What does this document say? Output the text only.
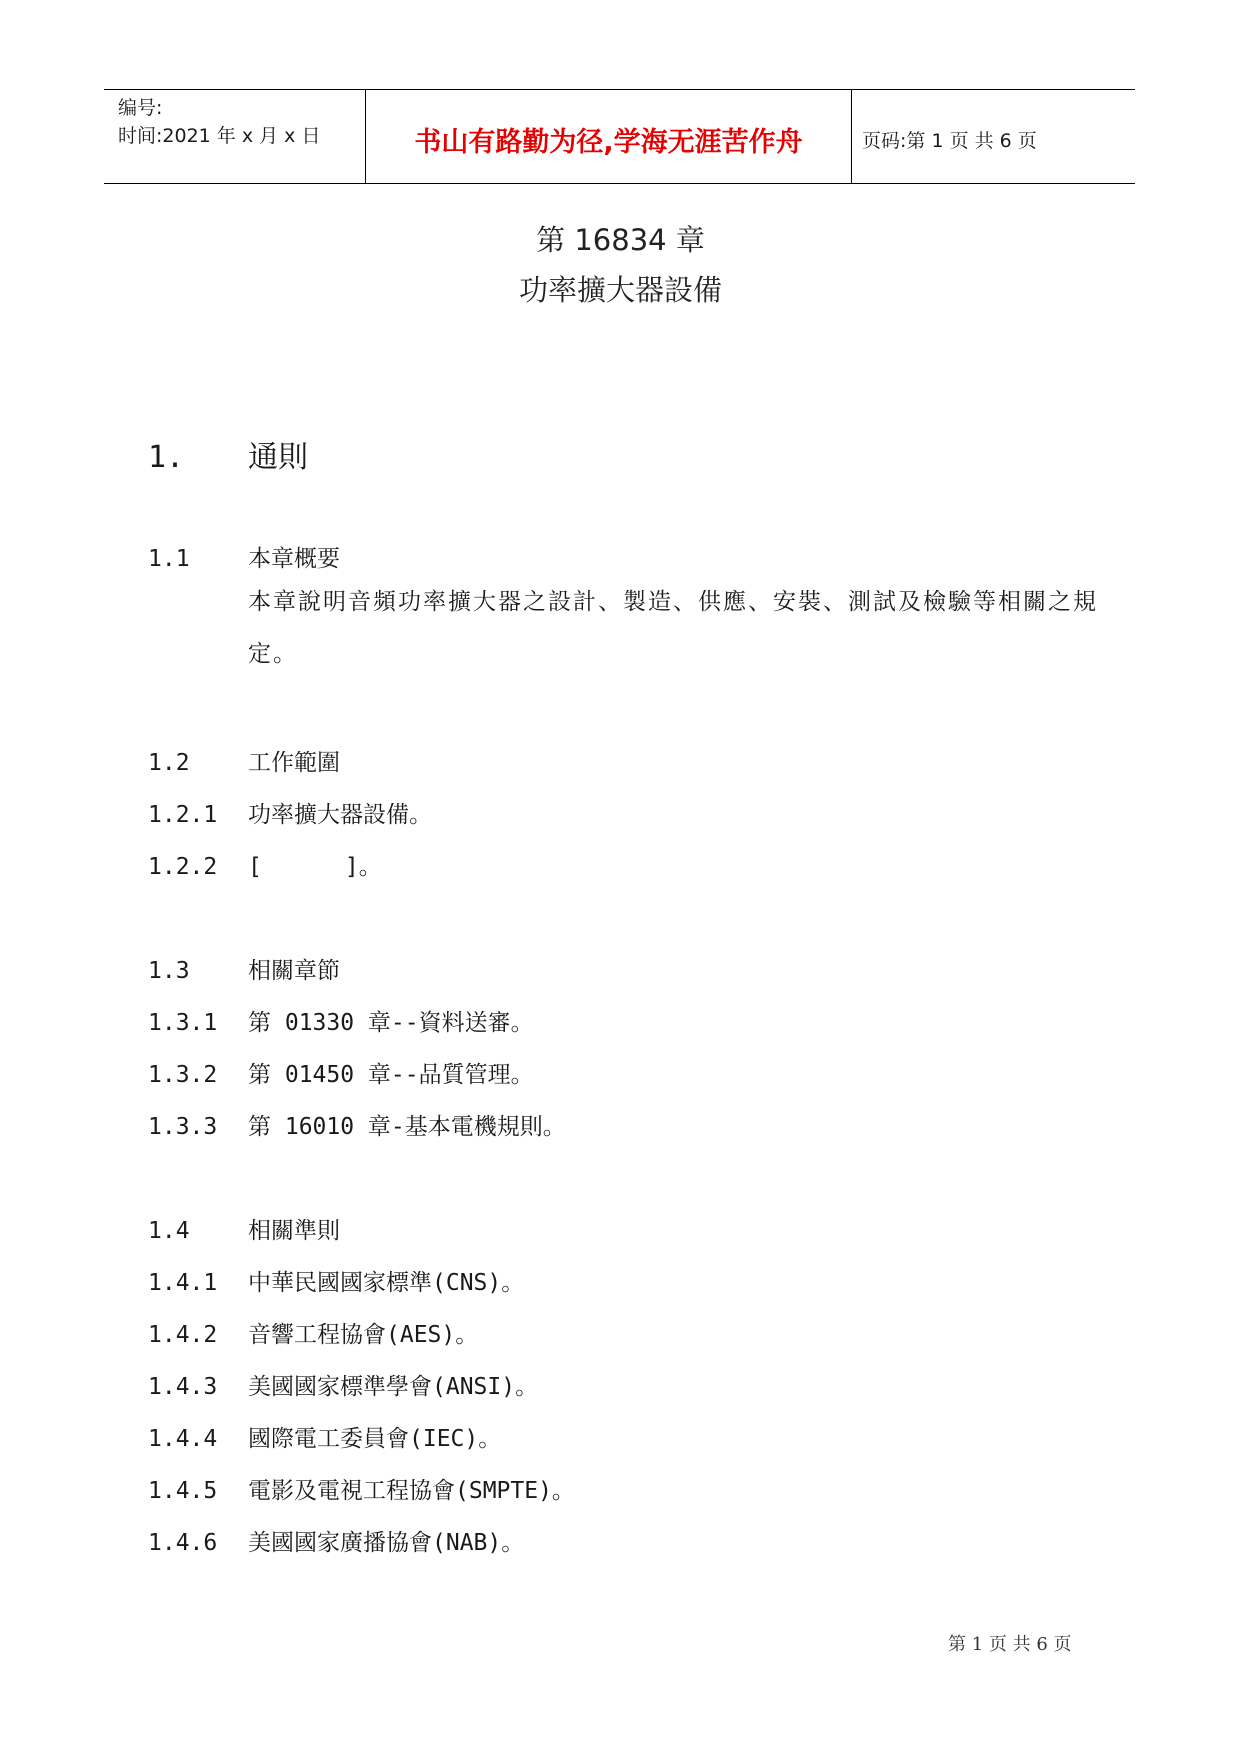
编号:
时间:2021 年 x 月 x 日	书山有路勤为径,学海无涯苦作舟	页码:第 1 页 共 6 页
第 16834 章
功率擴大器設備
1. 通則
1.1	本章概要
本章說明音頻功率擴大器之設計、製造、供應、安裝、測試及檢驗等相關之規定。
1.2	工作範圍
1.2.1 功率擴大器設備。
1.2.2 [      ]。
1.3	相關章節
1.3.1 第 01330 章--資料送審。
1.3.2 第 01450 章--品質管理。
1.3.3 第 16010 章-基本電機規則。
1.4	相關準則
1.4.1 中華民國國家標準(CNS)。
1.4.2 音響工程協會(AES)。
1.4.3 美國國家標準學會(ANSI)。
1.4.4 國際電工委員會(IEC)。
1.4.5 電影及電視工程協會(SMPTE)。
1.4.6 美國國家廣播協會(NAB)。
第 1 页 共 6 页
